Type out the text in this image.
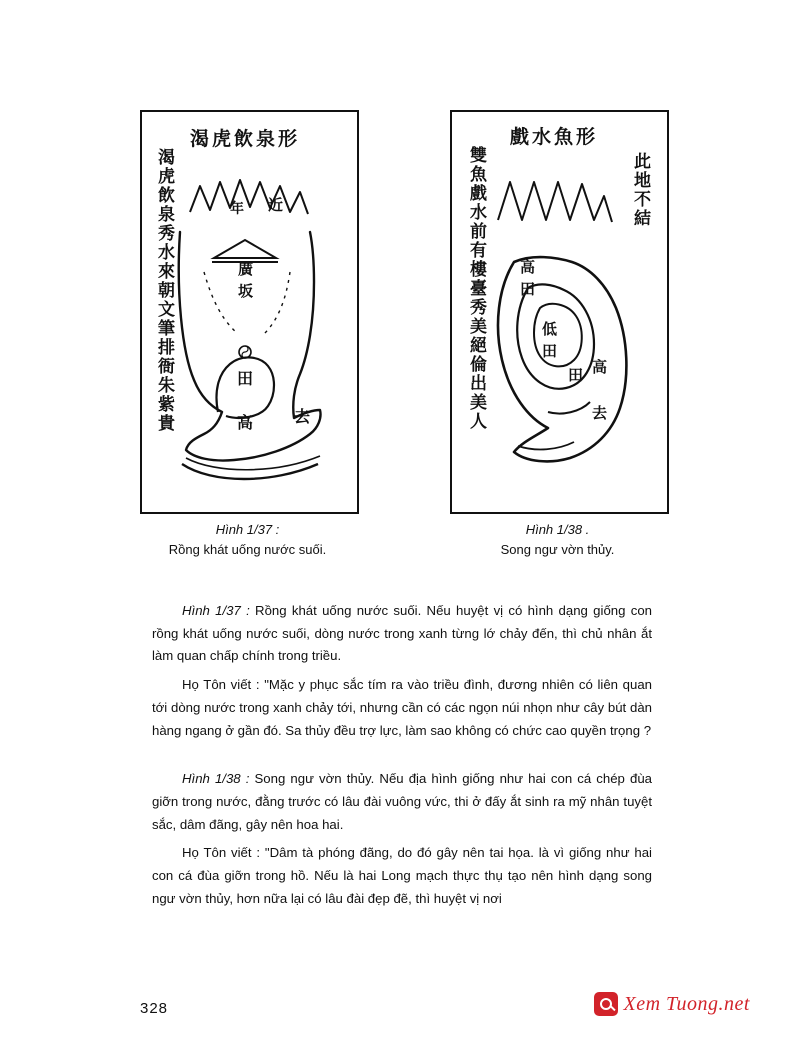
渴虎飲泉形
渴虎飲泉秀水來朝文筆排衙朱紫貴	年 近
廣
坂
田
高 去
Hình 1/37 :
Rồng khát uống nước suối.
戲水魚形
雙魚戲水前有樓臺秀美絕倫出美人	此地不結
高
田
低
田
田 高
去
Hình 1/38 .
Song ngư vờn thủy.

Hình 1/37 : Rồng khát uống nước suối. Nếu huyệt vị có hình dạng giống con rồng khát uống nước suối, dòng nước trong xanh từng lớ chảy đến, thì chủ nhân ắt làm quan chấp chính trong triều.

Họ Tôn viết : "Mặc y phục sắc tím ra vào triều đình, đương nhiên có liên quan tới dòng nước trong xanh chảy tới, nhưng cần có các ngọn núi nhọn như cây bút dàn hàng ngang ở gần đó. Sa thủy đều trợ lực, làm sao không có chức cao quyền trọng ?

Hình 1/38 : Song ngư vờn thủy. Nếu địa hình giống như hai con cá chép đùa giỡn trong nước, đằng trước có lâu đài vuông vức, thi ở đấy ắt sinh ra mỹ nhân tuyệt sắc, dâm đãng, gây nên hoa hai.

Họ Tôn viết : "Dâm tà phóng đãng, do đó gây nên tai họa. là vì giống như hai con cá đùa giỡn trong hồ. Nếu là hai Long mạch thực thụ tạo nên hình dạng song ngư vờn thủy, hơn nữa lại có lâu đài đẹp đẽ, thì huyệt vị nơi

328	Xem Tuong.net
